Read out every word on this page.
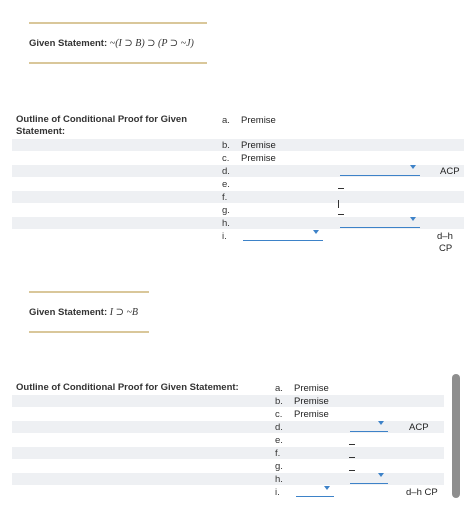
Given Statement: ~(I ⊃ B) ⊃ (P ⊃ ~J)
Outline of Conditional Proof for Given Statement:
a. Premise
b. Premise
c. Premise
d.	ACP
e.
f.
g.
h.
i.	d–h
CP
Given Statement: I ⊃ ~B
Outline of Conditional Proof for Given Statement:	a. Premise
b. Premise
c. Premise
d.	ACP
e.
f.
g.
h.
i.	d–h CP
